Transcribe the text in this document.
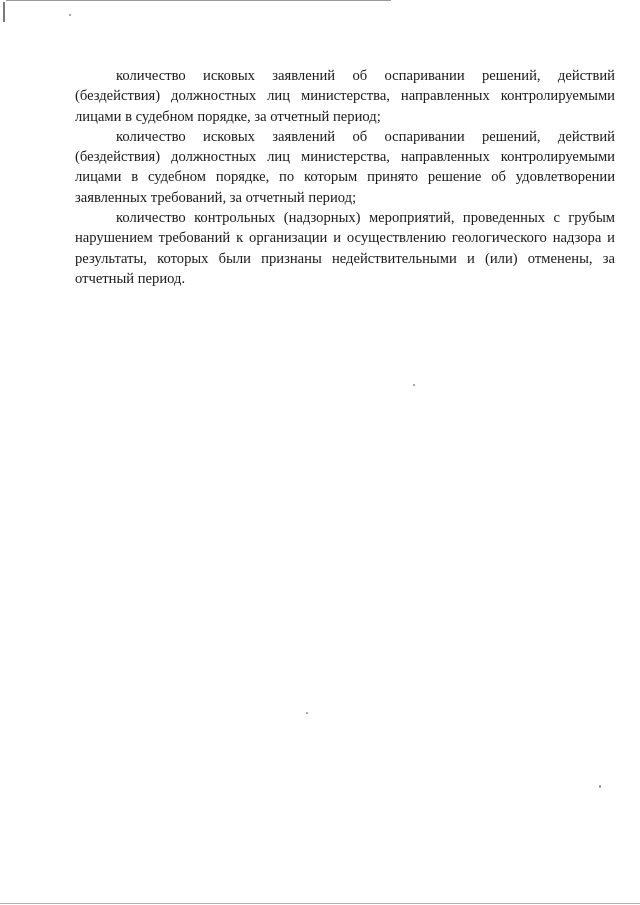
количество исковых заявлений об оспаривании решений, действий (бездействия) должностных лиц министерства, направленных контролируемыми лицами в судебном порядке, за отчетный период;

количество исковых заявлений об оспаривании решений, действий (бездействия) должностных лиц министерства, направленных контролируемыми лицами в судебном порядке, по которым принято решение об удовлетворении заявленных требований, за отчетный период;

количество контрольных (надзорных) мероприятий, проведенных с грубым нарушением требований к организации и осуществлению геологического надзора и результаты, которых были признаны недействительными и (или) отменены, за отчетный период.
